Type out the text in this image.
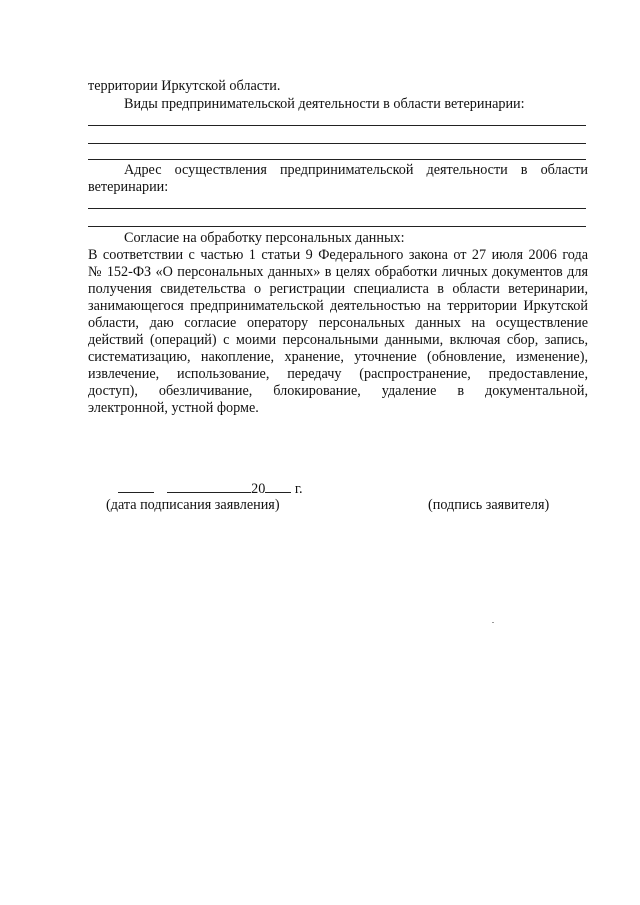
территории Иркутской области.
Виды предпринимательской деятельности в области ветеринарии:
Адрес осуществления предпринимательской деятельности в области
ветеринарии:
Согласие на обработку персональных данных:
В соответствии с частью 1 статьи 9 Федерального закона от 27 июля 2006 года
№ 152-ФЗ «О персональных данных» в целях обработки личных документов для
получения свидетельства о регистрации специалиста в области ветеринарии,
занимающегося предпринимательской деятельностью на территории Иркутской
области, даю согласие оператору персональных данных на осуществление
действий (операций) с моими персональными данными, включая сбор, запись,
систематизацию, накопление, хранение, уточнение (обновление, изменение),
извлечение, использование, передачу (распространение, предоставление,
доступ), обезличивание, блокирование, удаление в документальной,
электронной, устной форме.
20 г.
(дата подписания заявления)	(подпись заявителя)
